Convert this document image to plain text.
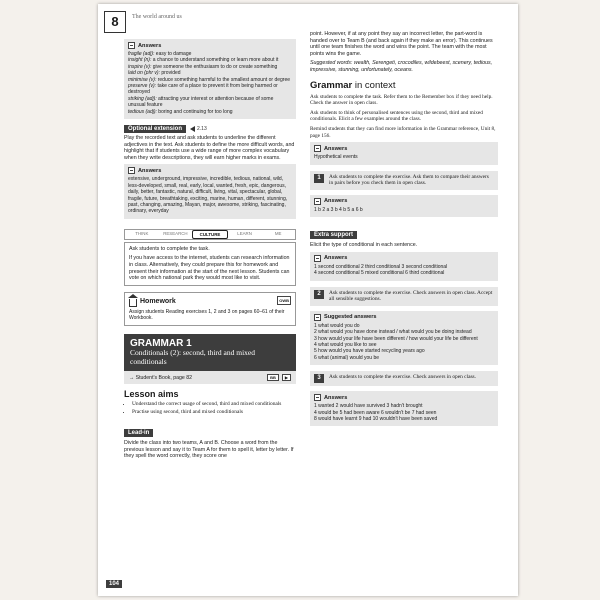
8	The world around us
Answers
fragile (adj): easy to damage
insight (n): a chance to understand something or learn more about it
inspire (v): give someone the enthusiasm to do or create something
laid on (phr v): provided
minimise (v): reduce something harmful to the smallest amount or degree
preserve (v): take care of a place to prevent it from being harmed or destroyed
striking (adj): attracting your interest or attention because of some unusual feature
tedious (adj): boring and continuing for too long
Optional extension	2.13

Play the recorded text and ask students to underline the different adjectives in the text. Ask students to define the more difficult words, and highlight that if students use a wide range of more complex vocabulary when they write descriptions, they will earn higher marks in exams.

Answers
extensive, underground, impressive, incredible, tedious, national, wild, less-developed, small, real, early, local, wanted, fresh, epic, dangerous, daily, better, fantastic, natural, difficult, living, vital, spectacular, global, fragile, future, breathtaking, exciting, marine, human, different, stunning, past, changing, amazing, Mayan, major, awesome, striking, fascinating, ordinary, everyday
THINK	RESEARCH	CULTURE	LEARN	ME

Ask students to complete the task.

If you have access to the internet, students can research information in class. Alternatively, they could prepare this for homework and present their information at the start of the next lesson. Students can vote on which national park they would most like to visit.

Homework	OWB

Assign students Reading exercises 1, 2 and 3 on pages 60–61 of their Workbook.

GRAMMAR 1
Conditionals (2): second, third and mixed conditionals
→ Student's Book, page 82	BB	▶
Lesson aims
• Understand the correct usage of second, third and mixed conditionals
• Practise using second, third and mixed conditionals
Lead-in

Divide the class into two teams, A and B. Choose a word from the previous lesson and say it to Team A for them to spell it, letter by letter. If they spell the word correctly, they score one

104

point. However, if at any point they say an incorrect letter, the part-word is handed over to Team B (and back again if they make an error). This continues until one team finishes the word and wins the point. The team with the most points wins the game.

Suggested words: wealth, Serengeti, crocodiles, wildebeest, scenery, tedious, impressive, stunning, unfortunately, oceans.

Grammar in context

Ask students to complete the task. Refer them to the Remember box if they need help. Check the answer in open class.

Ask students to think of personalised sentences using the second, third and mixed conditionals. Elicit a few examples around the class.

Remind students that they can find more information in the Grammar reference, Unit 8, page 156.

Answers
Hypothetical events
1	Ask students to complete the exercise. Ask them to compare their answers in pairs before you check them in open class.
Answers
1 b 2 a 3 b 4 b 5 a 6 b
Extra support

Elicit the type of conditional in each sentence.

Answers
1 second conditional 2 third conditional 3 second conditional
4 second conditional 5 mixed conditional 6 third conditional
2	Ask students to complete the exercise. Check answers in open class. Accept all sensible suggestions.
Suggested answers
1 what would you do
2 what would you have done instead / what would you be doing instead
3 how would your life have been different / how would your life be different
4 what would you like to see
5 how would you have started recycling years ago
6 what (animal) would you be
3	Ask students to complete the exercise. Check answers in open class.
Answers
1 wanted 2 would have survived 3 hadn't brought
4 would be 5 had been aware 6 wouldn't be 7 had seen
8 would have learnt 9 had 10 wouldn't have been saved
